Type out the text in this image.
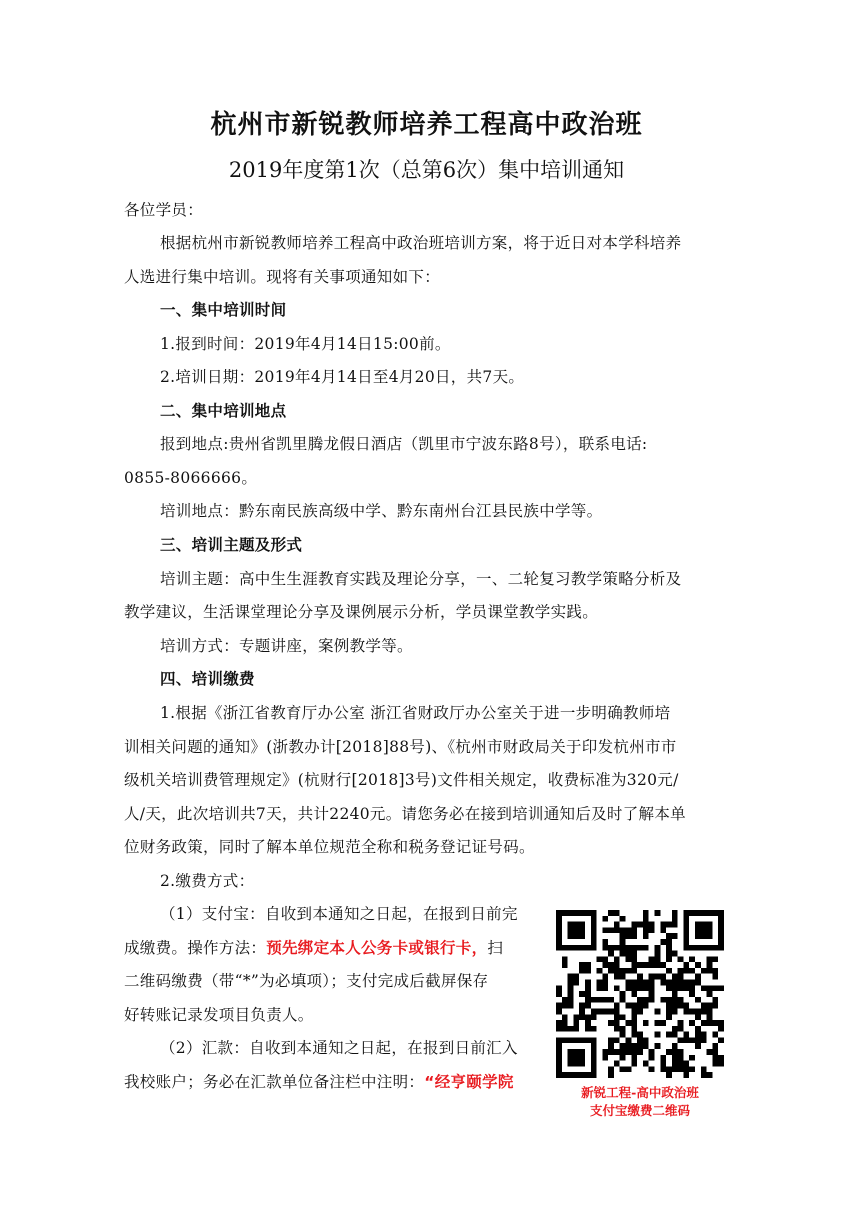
杭州市新锐教师培养工程高中政治班
2019年度第1次（总第6次）集中培训通知
各位学员：
根据杭州市新锐教师培养工程高中政治班培训方案，将于近日对本学科培养
人选进行集中培训。现将有关事项通知如下：
一、集中培训时间
1.报到时间：2019年4月14日15:00前。
2.培训日期：2019年4月14日至4月20日，共7天。
二、集中培训地点
报到地点:贵州省凯里腾龙假日酒店（凯里市宁波东路8号），联系电话:
0855-8066666。
培训地点：黔东南民族高级中学、黔东南州台江县民族中学等。
三、培训主题及形式
培训主题：高中生生涯教育实践及理论分享，一、二轮复习教学策略分析及
教学建议，生活课堂理论分享及课例展示分析，学员课堂教学实践。
培训方式：专题讲座，案例教学等。
四、培训缴费
1.根据《浙江省教育厅办公室 浙江省财政厅办公室关于进一步明确教师培
训相关问题的通知》(浙教办计[2018]88号)、《杭州市财政局关于印发杭州市市
级机关培训费管理规定》(杭财行[2018]3号)文件相关规定，收费标准为320元/
人/天，此次培训共7天，共计2240元。请您务必在接到培训通知后及时了解本单
位财务政策，同时了解本单位规范全称和税务登记证号码。
2.缴费方式：
（1）支付宝：自收到本通知之日起，在报到日前完
成缴费。操作方法：预先绑定本人公务卡或银行卡，扫
二维码缴费（带“*”为必填项）；支付完成后截屏保存
好转账记录发项目负责人。
（2）汇款：自收到本通知之日起，在报到日前汇入
我校账户；务必在汇款单位备注栏中注明：“经亨颐学院
新锐工程-高中政治班
支付宝缴费二维码
